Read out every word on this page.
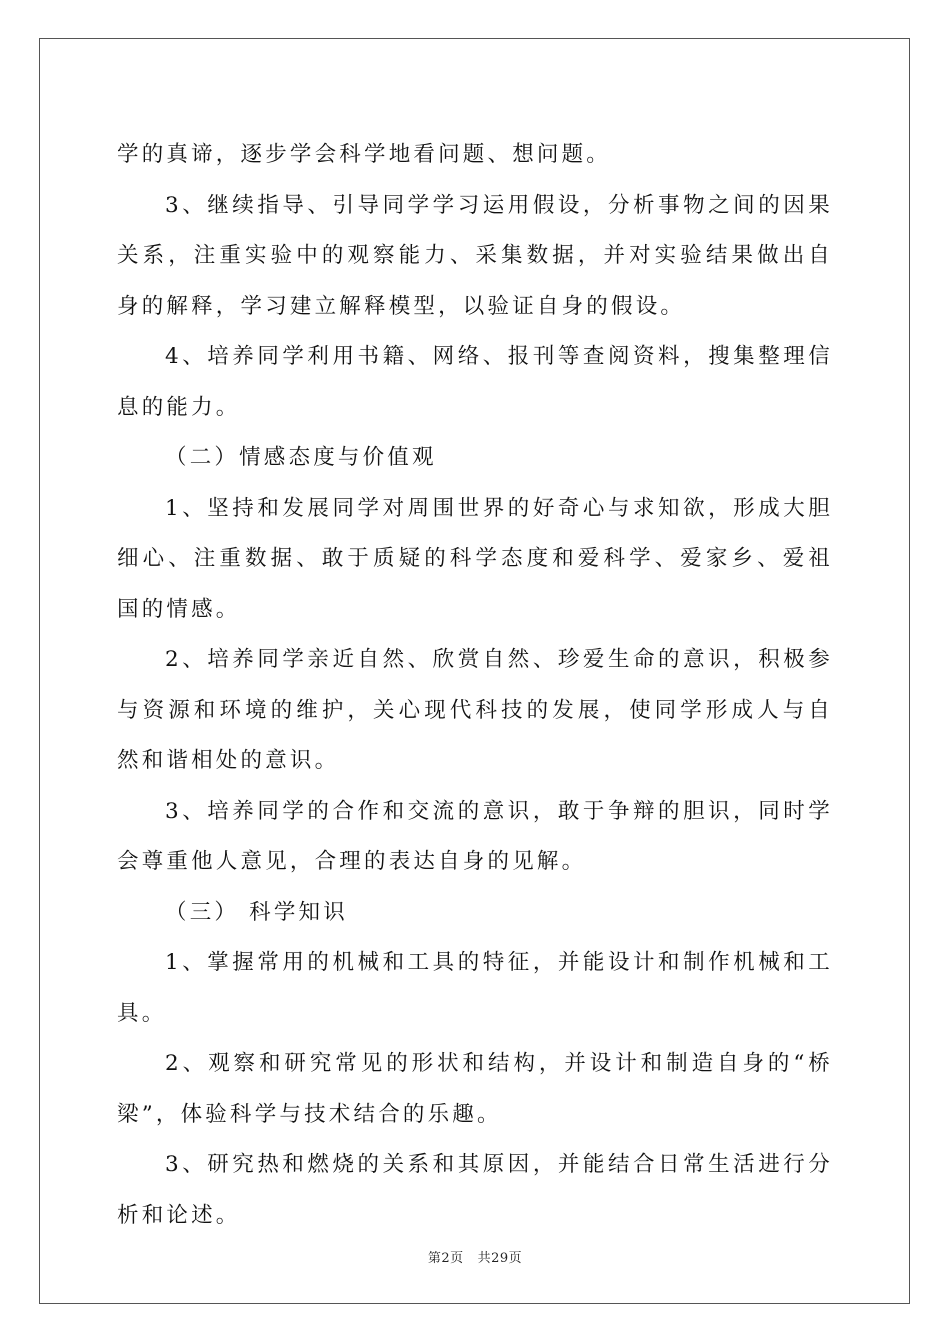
学的真谛，逐步学会科学地看问题、想问题。

3、继续指导、引导同学学习运用假设，分析事物之间的因果关系，注重实验中的观察能力、采集数据，并对实验结果做出自身的解释，学习建立解释模型，以验证自身的假设。

4、培养同学利用书籍、网络、报刊等查阅资料，搜集整理信息的能力。

（二）情感态度与价值观

1、坚持和发展同学对周围世界的好奇心与求知欲，形成大胆细心、注重数据、敢于质疑的科学态度和爱科学、爱家乡、爱祖国的情感。

2、培养同学亲近自然、欣赏自然、珍爱生命的意识，积极参与资源和环境的维护，关心现代科技的发展，使同学形成人与自然和谐相处的意识。

3、培养同学的合作和交流的意识，敢于争辩的胆识，同时学会尊重他人意见，合理的表达自身的见解。

（三） 科学知识

1、掌握常用的机械和工具的特征，并能设计和制作机械和工具。

2、观察和研究常见的形状和结构，并设计和制造自身的“桥梁”，体验科学与技术结合的乐趣。

3、研究热和燃烧的关系和其原因，并能结合日常生活进行分析和论述。

第2页 共29页
